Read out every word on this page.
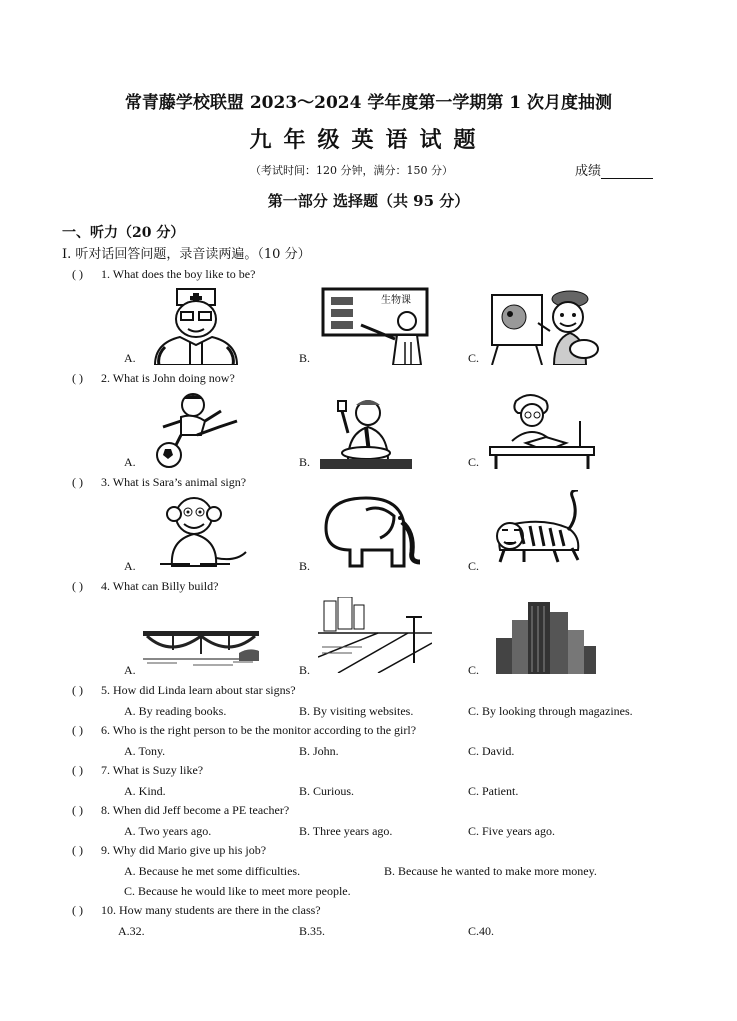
常青藤学校联盟 2023～2024 学年度第一学期第 1 次月度抽测
九年级英语试题
（考试时间：120 分钟，满分：150 分）	成绩
第一部分 选择题（共 95 分）
一、听力（20 分）
Ⅰ. 听对话回答问题，录音读两遍。（10 分）
( ) 1. What does the boy like to be?
A.	B.	C.
生物课
( ) 2. What is John doing now?
A.	B.	C.
( ) 3. What is Sara’s animal sign?
A.	B.	C.
( ) 4. What can Billy build?
A.	B.	C.
( ) 5. How did Linda learn about star signs?
A. By reading books.	B. By visiting websites.	C. By looking through magazines.
( ) 6. Who is the right person to be the monitor according to the girl?
A. Tony.	B. John.	C. David.
( ) 7. What is Suzy like?
A. Kind.	B. Curious.	C. Patient.
( ) 8. When did Jeff become a PE teacher?
A. Two years ago.	B. Three years ago.	C. Five years ago.
( ) 9. Why did Mario give up his job?
A. Because he met some difficulties.	B. Because he wanted to make more money.
C. Because he would like to meet more people.
( ) 10. How many students are there in the class?
A.32.	B.35.	C.40.
